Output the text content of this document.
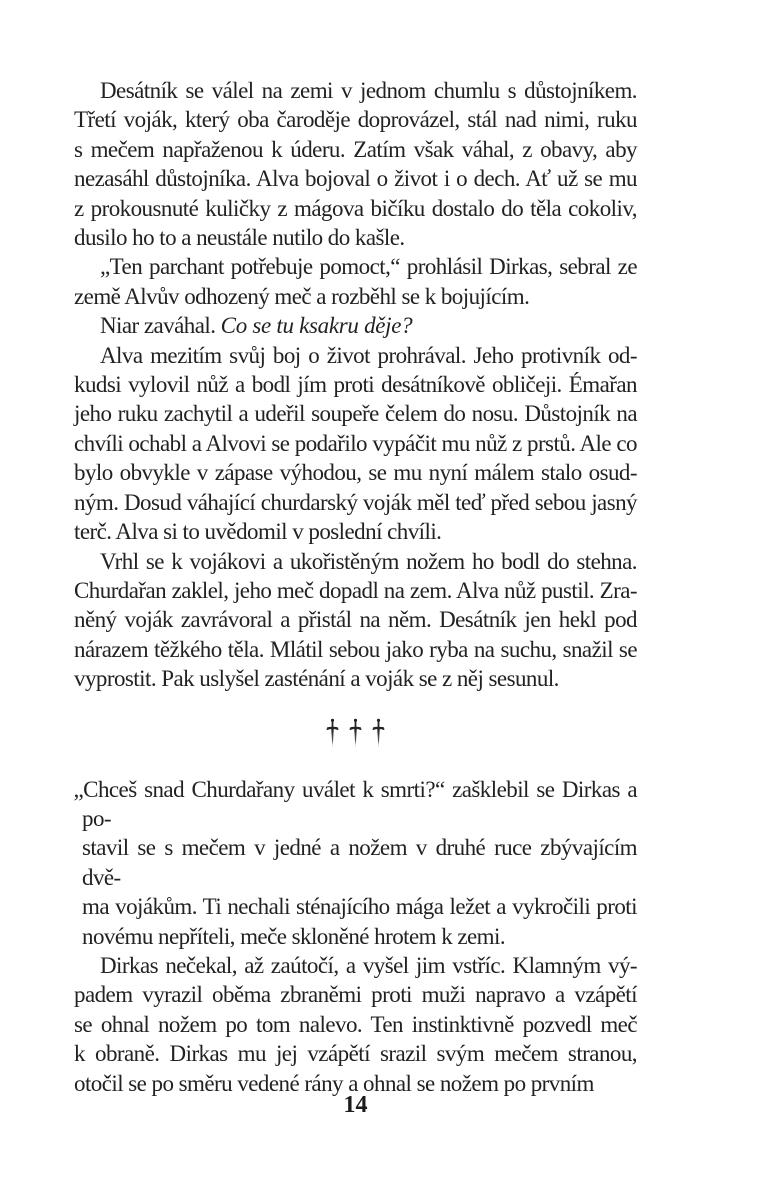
Desátník se válel na zemi v jednom chumlu s důstojníkem.
Třetí voják, který oba čaroděje doprovázel, stál nad nimi, ruku
s mečem napřaženou k úderu. Zatím však váhal, z obavy, aby
nezasáhl důstojníka. Alva bojoval o život i o dech. Ať už se mu
z prokousnuté kuličky z mágova bičíku dostalo do těla cokoliv,
dusilo ho to a neustále nutilo do kašle.
„Ten parchant potřebuje pomoct,“ prohlásil Dirkas, sebral ze
země Alvův odhozený meč a rozběhl se k bojujícím.
Niar zaváhal. Co se tu ksakru děje?
Alva mezitím svůj boj o život prohrával. Jeho protivník od-
kudsi vylovil nůž a bodl jím proti desátníkově obličeji. Émařan
jeho ruku zachytil a udeřil soupeře čelem do nosu. Důstojník na
chvíli ochabl a Alvovi se podařilo vypáčit mu nůž z prstů. Ale co
bylo obvykle v zápase výhodou, se mu nyní málem stalo osud-
ným. Dosud váhající churdarský voják měl teď před sebou jasný
terč. Alva si to uvědomil v poslední chvíli.
Vrhl se k vojákovi a ukořistěným nožem ho bodl do stehna.
Churdařan zaklel, jeho meč dopadl na zem. Alva nůž pustil. Zra-
něný voják zavrávoral a přistál na něm. Desátník jen hekl pod
nárazem těžkého těla. Mlátil sebou jako ryba na suchu, snažil se
vyprostit. Pak uslyšel zasténání a voják se z něj sesunul.
„Chceš snad Churdařany uválet k smrti?“ zašklebil se Dirkas a po-
stavil se s mečem v jedné a nožem v druhé ruce zbývajícím dvě-
ma vojákům. Ti nechali sténajícího mága ležet a vykročili proti
novému nepříteli, meče skloněné hrotem k zemi.
Dirkas nečekal, až zaútočí, a vyšel jim vstříc. Klamným vý-
padem vyrazil oběma zbraněmi proti muži napravo a vzápětí
se ohnal nožem po tom nalevo. Ten instinktivně pozvedl meč
k obraně. Dirkas mu jej vzápětí srazil svým mečem stranou,
otočil se po směru vedené rány a ohnal se nožem po prvním
14
